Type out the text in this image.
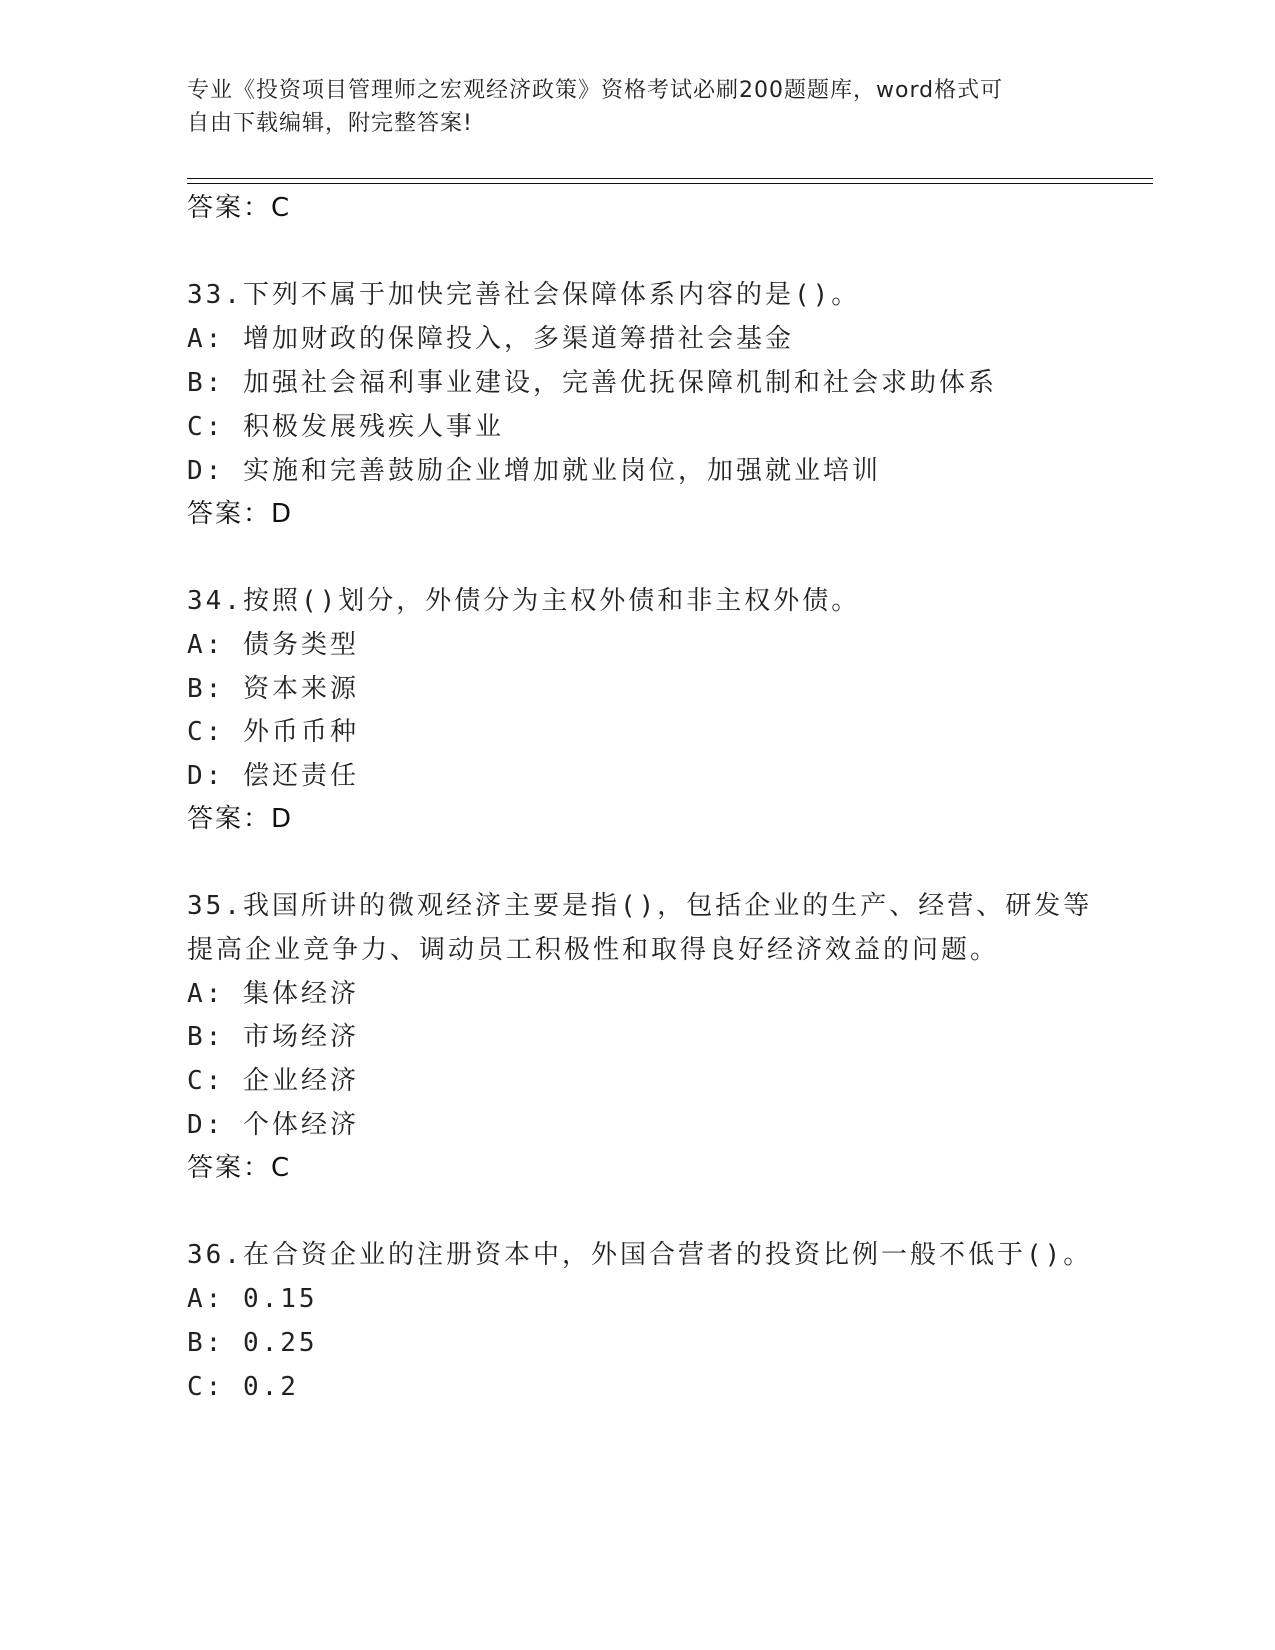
专业《投资项目管理师之宏观经济政策》资格考试必刷200题题库，word格式可
自由下载编辑，附完整答案!
答案：C
33.下列不属于加快完善社会保障体系内容的是()。
A: 增加财政的保障投入，多渠道筹措社会基金
B: 加强社会福利事业建设，完善优抚保障机制和社会求助体系
C: 积极发展残疾人事业
D: 实施和完善鼓励企业增加就业岗位，加强就业培训
答案：D
34.按照()划分，外债分为主权外债和非主权外债。
A: 债务类型
B: 资本来源
C: 外币币种
D: 偿还责任
答案：D
35.我国所讲的微观经济主要是指()，包括企业的生产、经营、研发等
提高企业竞争力、调动员工积极性和取得良好经济效益的问题。
A: 集体经济
B: 市场经济
C: 企业经济
D: 个体经济
答案：C
36.在合资企业的注册资本中，外国合营者的投资比例一般不低于()。
A: 0.15
B: 0.25
C: 0.2
